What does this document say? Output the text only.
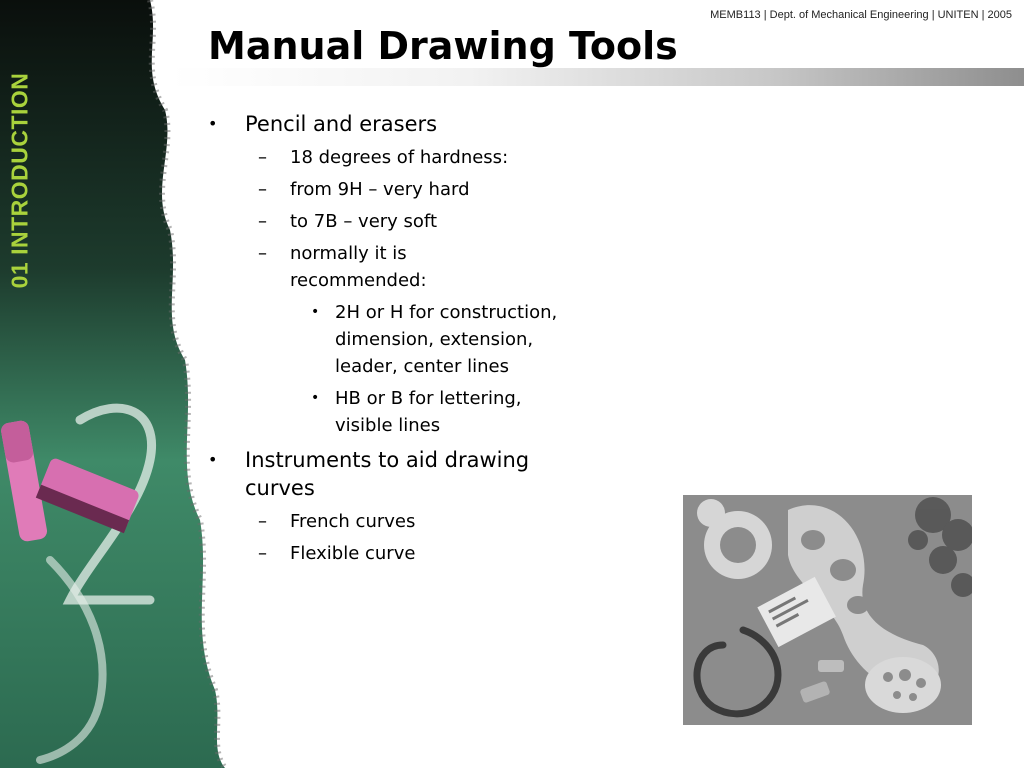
01 INTRODUCTION
MEMB113 | Dept. of Mechanical Engineering | UNITEN | 2005
Manual Drawing Tools
• Pencil and erasers
– 18 degrees of hardness:
– from 9H – very hard
– to 7B – very soft
– normally it is recommended:
• 2H or H for construction, dimension, extension, leader, center lines
• HB or B for lettering, visible lines
• Instruments to aid drawing curves
– French curves
– Flexible curve
